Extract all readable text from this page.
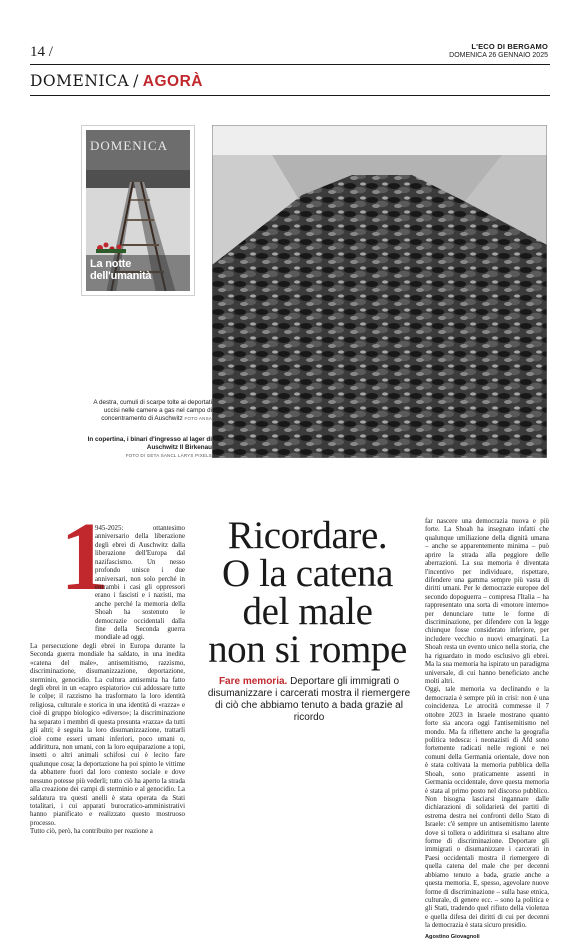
14 /	L'ECO DI BERGAMO
DOMENICA 26 GENNAIO 2025
DOMENICA / AGORÀ
DOMENICA
La notte dell'umanità
A destra, cumuli di scarpe tolte ai deportati uccisi nelle camere a gas nel campo di concentramento di Auschwitz FOTO ANSA
In copertina, i binari d'ingresso al lager di Auschwitz II Birkenau
FOTO DI GETA SANCL LARYS PIXELS
1

945-2025: ottantesimo anniversario della liberazione degli ebrei di Auschwitz dalla liberazione dell'Europa dal nazifascismo. Un nesso profondo unisce i due anniversari, non solo perché in entrambi i casi gli oppressori erano i fascisti e i nazisti, ma anche perché la memoria della Shoah ha sostenuto le democrazie occidentali dalla fine della Seconda guerra mondiale ad oggi.

La persecuzione degli ebrei in Europa durante la Seconda guerra mondiale ha saldato, in una inedita «catena del male», antisemitismo, razzismo, discriminazione, disumanizzazione, deportazione, sterminio, genocidio. La cultura antisemita ha fatto degli ebrei in un «capro espiatorio» cui addossare tutte le colpe; il razzismo ha trasformato la loro identità religiosa, culturale e storica in una identità di «razza» e cioè di gruppo biologico «diverso»; la discriminazione ha separato i membri di questa presunta «razza» da tutti gli altri; è seguita la loro disumanizzazione, trattarli cioè come esseri umani inferiori, poco umani o, addirittura, non umani, con la loro equiparazione a topi, insetti o altri animali schifosi cui è lecito fare qualunque cosa; la deportazione ha poi spinto le vittime da abbattere fuori dal loro contesto sociale e dove nessuno potesse più vederli; tutto ciò ha aperto la strada alla creazione dei campi di sterminio e al genocidio. La saldatura tra questi anelli è stata operata da Stati totalitari, i cui apparati burocratico-amministrativi hanno pianificato e realizzato questo mostruoso processo.

Tutto ciò, però, ha contribuito per reazione a

Ricordare.
O la catena
del male
non si rompe
Fare memoria. Deportare gli immigrati o disumanizzare i carcerati mostra il riemergere di ciò che abbiamo tenuto a bada grazie al ricordo

far nascere una democrazia nuova e più forte. La Shoah ha insegnato infatti che qualunque umiliazione della dignità umana – anche se apparentemente minima – può aprire la strada alla peggiore delle aberrazioni. La sua memoria è diventata l'incentivo per individuare, rispettare, difendere una gamma sempre più vasta di diritti umani. Per le democrazie europee del secondo dopoguerra – compresa l'Italia – ha rappresentato una sorta di «motore interno» per denunciare tutte le forme di discriminazione, per difendere con la legge chiunque fosse considerato inferiore, per includere vecchio o nuovi emarginati. La Shoah resta un evento unico nella storia, che ha riguardato in modo esclusivo gli ebrei. Ma la sua memoria ha ispirato un paradigma universale, di cui hanno beneficiato anche molti altri.

Oggi, tale memoria va declinando e la democrazia è sempre più in crisi: non è una coincidenza. Le atrocità commesse il 7 ottobre 2023 in Israele mostrano quanto forte sia ancora oggi l'antisemitismo nel mondo. Ma fa riflettere anche la geografia politica tedesca: i neonazisti di Afd sono fortemente radicati nelle regioni e nei comuni della Germania orientale, dove non è stata coltivata la memoria pubblica della Shoah, sono praticamente assenti in Germania occidentale, dove questa memoria è stata al primo posto nel discorso pubblico. Non bisogna lasciarsi ingannare dalle dichiarazioni di solidarietà dei partiti di estrema destra nei confronti dello Stato di Israele: c'è sempre un antisemitismo latente dove si tollera o addirittura si esaltano altre forme di discriminazione. Deportare gli immigrati o disumanizzare i carcerati in Paesi occidentali mostra il riemergere di quella catena del male che per decenni abbiamo tenuto a bada, grazie anche a questa memoria. E, spesso, agevolare nuove forme di discriminazione – sulla base etnica, culturale, di genere ecc. – sono la politica e gli Stati, tradendo quel rifiuto della violenza e quella difesa dei diritti di cui per decenni la democrazia è stata sicuro presidio.

Agostino Giovagnoli
